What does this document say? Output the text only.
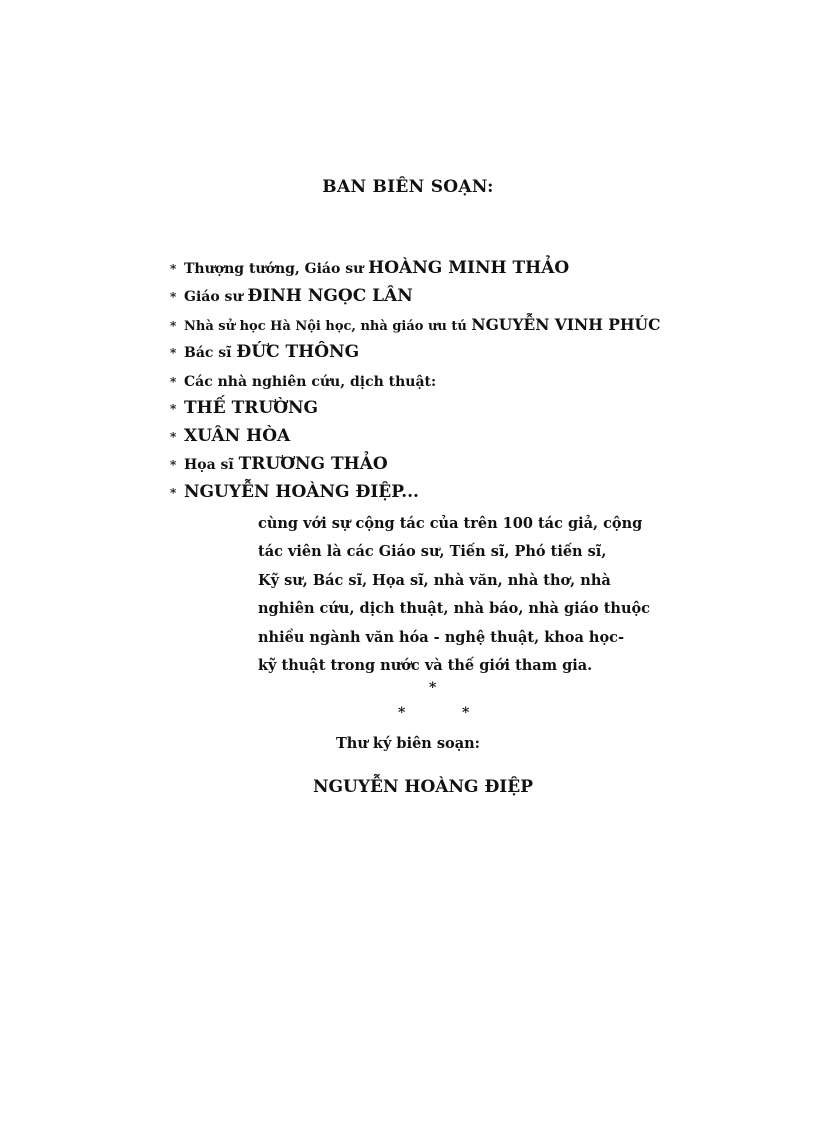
BAN BIÊN SOẠN:
* Thượng tướng, Giáo sư HOÀNG MINH THẢO
* Giáo sư ĐINH NGỌC LÂN
* Nhà sử học Hà Nội học, nhà giáo ưu tú NGUYỄN VINH PHÚC
* Bác sĩ ĐỨC THÔNG
* Các nhà nghiên cứu, dịch thuật:
* THẾ TRƯỜNG
* XUÂN HÒA
* Họa sĩ TRƯƠNG THẢO
* NGUYỄN HOÀNG ĐIỆP...
cùng với sự cộng tác của trên 100 tác giả, cộng
tác viên là các Giáo sư, Tiến sĩ, Phó tiến sĩ,
Kỹ sư, Bác sĩ, Họa sĩ, nhà văn, nhà thơ, nhà
nghiên cứu, dịch thuật, nhà báo, nhà giáo thuộc
nhiều ngành văn hóa - nghệ thuật, khoa học-
kỹ thuật trong nước và thế giới tham gia.
*
*	*
Thư ký biên soạn:
NGUYỄN HOÀNG ĐIỆP
